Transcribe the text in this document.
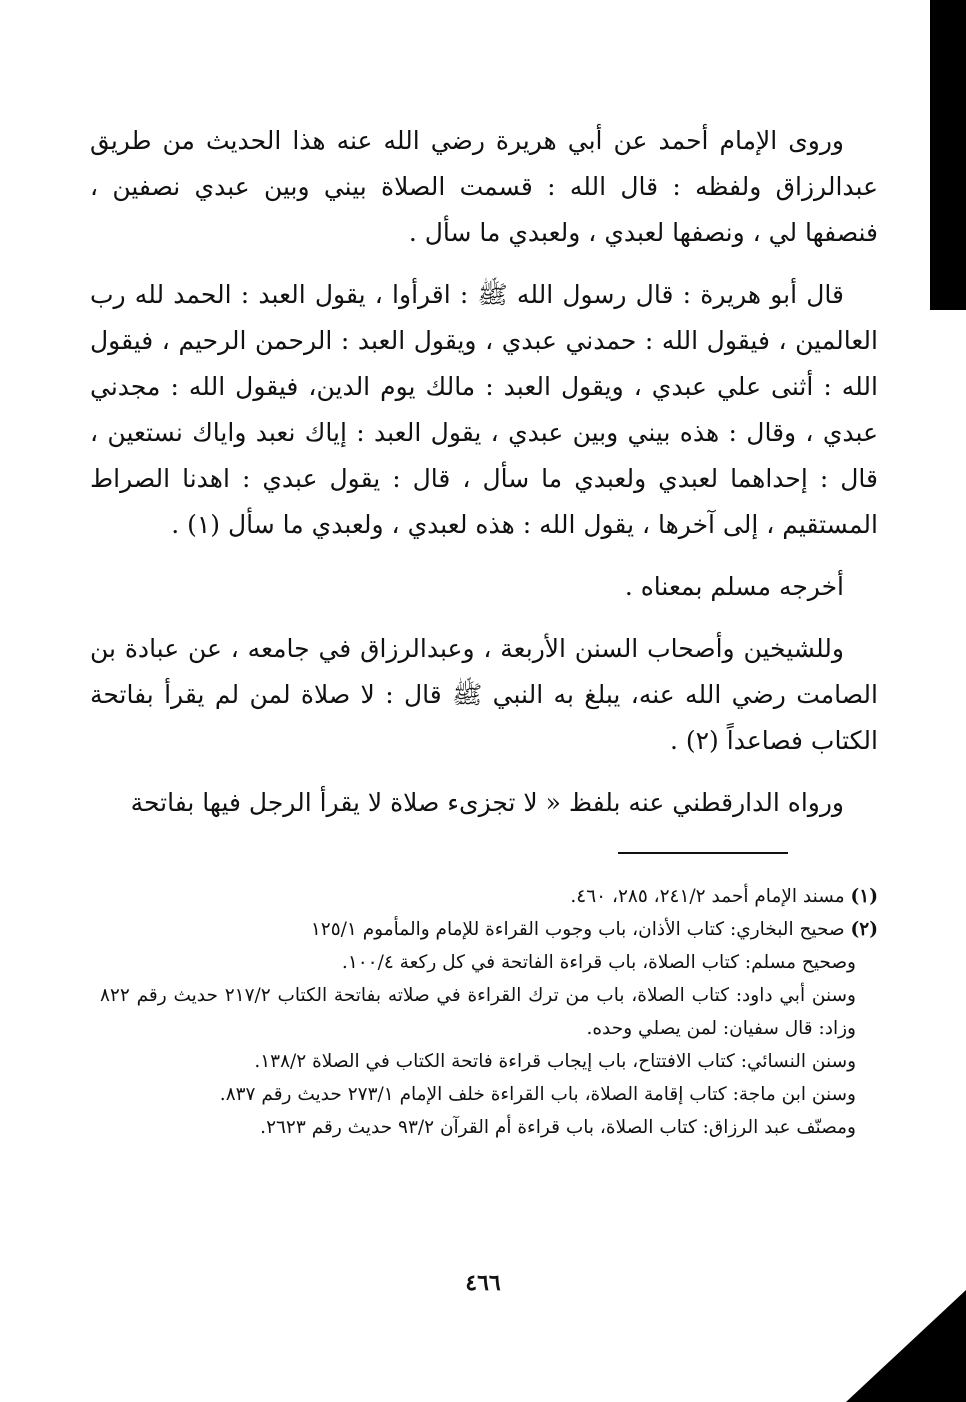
وروى الإمام أحمد عن أبي هريرة رضي الله عنه هذا الحديث من طريق عبدالرزاق ولفظه : قال الله : قسمت الصلاة بيني وبين عبدي نصفين ، فنصفها لي ، ونصفها لعبدي ، ولعبدي ما سأل .

قال أبو هريرة : قال رسول الله ﷺ : اقرأوا ، يقول العبد : الحمد لله رب العالمين ، فيقول الله : حمدني عبدي ، ويقول العبد : الرحمن الرحيم ، فيقول الله : أثنى علي عبدي ، ويقول العبد : مالك يوم الدين، فيقول الله : مجدني عبدي ، وقال : هذه بيني وبين عبدي ، يقول العبد : إياك نعبد واياك نستعين ، قال : إحداهما لعبدي ولعبدي ما سأل ، قال : يقول عبدي : اهدنا الصراط المستقيم ، إلى آخرها ، يقول الله : هذه لعبدي ، ولعبدي ما سأل (١) .

أخرجه مسلم بمعناه .

وللشيخين وأصحاب السنن الأربعة ، وعبدالرزاق في جامعه ، عن عبادة بن الصامت رضي الله عنه، يبلغ به النبي ﷺ قال : لا صلاة لمن لم يقرأ بفاتحة الكتاب فصاعداً (٢) .

ورواه الدارقطني عنه بلفظ « لا تجزىء صلاة لا يقرأ الرجل فيها بفاتحة

(١) مسند الإمام أحمد ٢٤١/٢، ٢٨٥، ٤٦٠.

(٢) صحيح البخاري: كتاب الأذان، باب وجوب القراءة للإمام والمأموم ١٢٥/١

وصحيح مسلم: كتاب الصلاة، باب قراءة الفاتحة في كل ركعة ١٠٠/٤.

وسنن أبي داود: كتاب الصلاة، باب من ترك القراءة في صلاته بفاتحة الكتاب ٢١٧/٢ حديث رقم ٨٢٢ وزاد: قال سفيان: لمن يصلي وحده.

وسنن النسائي: كتاب الافتتاح، باب إيجاب قراءة فاتحة الكتاب في الصلاة ١٣٨/٢.

وسنن ابن ماجة: كتاب إقامة الصلاة، باب القراءة خلف الإمام ٢٧٣/١ حديث رقم ٨٣٧.

ومصنّف عبد الرزاق: كتاب الصلاة، باب قراءة أم القرآن ٩٣/٢ حديث رقم ٢٦٢٣.

٤٦٦
